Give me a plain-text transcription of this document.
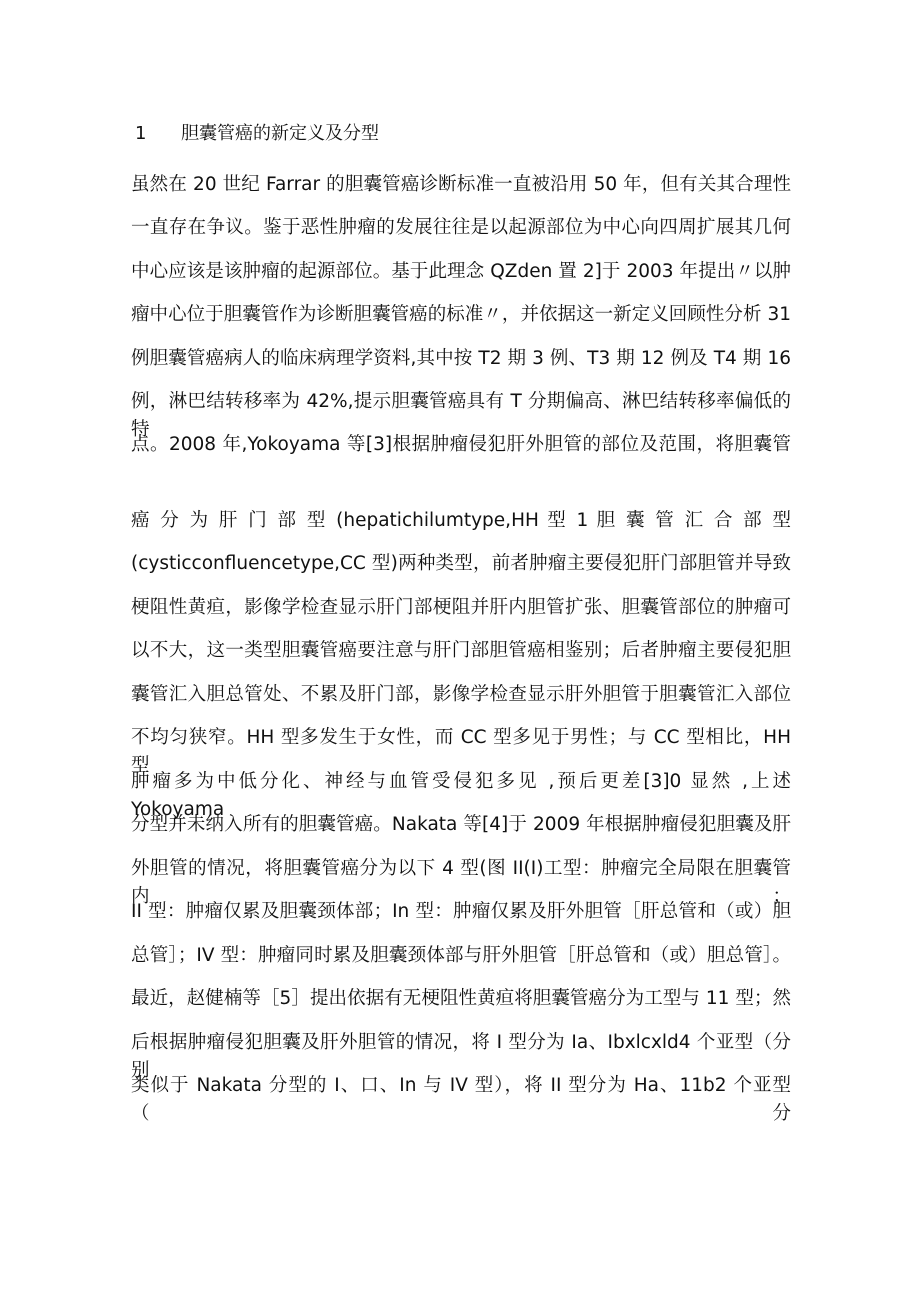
1 胆囊管癌的新定义及分型
虽然在 20 世纪 Farrar 的胆囊管癌诊断标准一直被沿用 50 年，但有关其合理性
一直存在争议。鉴于恶性肿瘤的发展往往是以起源部位为中心向四周扩展其几何
中心应该是该肿瘤的起源部位。基于此理念 QZden 置 2]于 2003 年提出〃以肿
瘤中心位于胆囊管作为诊断胆囊管癌的标准〃，并依据这一新定义回顾性分析 31
例胆囊管癌病人的临床病理学资料,其中按 T2 期 3 例、T3 期 12 例及 T4 期 16
例，淋巴结转移率为 42%,提示胆囊管癌具有 T 分期偏高、淋巴结转移率偏低的特
点。2008 年,Yokoyama 等[3]根据肿瘤侵犯肝外胆管的部位及范围，将胆囊管
癌 分 为 肝 门 部 型 (hepatichilumtype,HH 型 1 胆 囊 管 汇 合 部 型
(cysticconfluencetype,CC 型)两种类型，前者肿瘤主要侵犯肝门部胆管并导致
梗阻性黄疸，影像学检查显示肝门部梗阻并肝内胆管扩张、胆囊管部位的肿瘤可
以不大，这一类型胆囊管癌要注意与肝门部胆管癌相鉴别；后者肿瘤主要侵犯胆
囊管汇入胆总管处、不累及肝门部，影像学检查显示肝外胆管于胆囊管汇入部位
不均匀狭窄。HH 型多发生于女性，而 CC 型多见于男性；与 CC 型相比，HH 型
肿瘤多为中低分化、神经与血管受侵犯多见 ,预后更差[3]0 显然 ,上述 Yokoyama
分型并未纳入所有的胆囊管癌。Nakata 等[4]于 2009 年根据肿瘤侵犯胆囊及肝
外胆管的情况，将胆囊管癌分为以下 4 型(图 II(I)工型：肿瘤完全局限在胆囊管内；
II 型：肿瘤仅累及胆囊颈体部；In 型：肿瘤仅累及肝外胆管［肝总管和（或）胆
总管］；IV 型：肿瘤同时累及胆囊颈体部与肝外胆管［肝总管和（或）胆总管］。
最近，赵健楠等［5］提出依据有无梗阻性黄疸将胆囊管癌分为工型与 11 型；然
后根据肿瘤侵犯胆囊及肝外胆管的情况，将 I 型分为 Ia、Ibxlcxld4 个亚型（分别
类似于 Nakata 分型的 I、口、In 与 IV 型），将 II 型分为 Ha、11b2 个亚型（分
